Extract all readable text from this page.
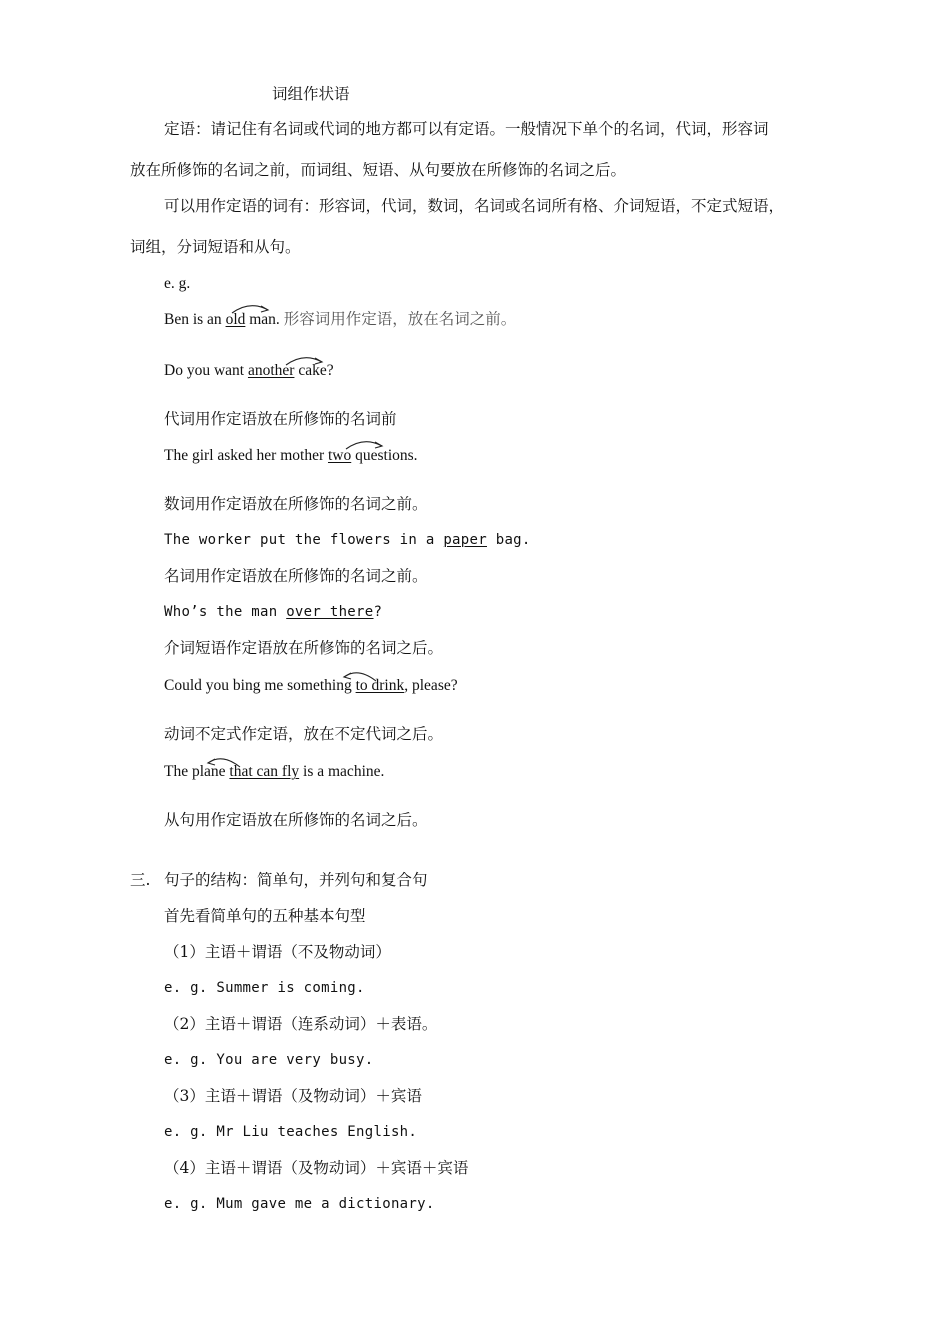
词组作状语
定语：请记住有名词或代词的地方都可以有定语。一般情况下单个的名词，代词，形容词
放在所修饰的名词之前，而词组、短语、从句要放在所修饰的名词之后。
可以用作定语的词有：形容词，代词，数词，名词或名词所有格、介词短语，不定式短语，
词组，分词短语和从句。
e. g.
Ben is an old man. 形容词用作定语，放在名词之前。
Do you want another cake?
代词用作定语放在所修饰的名词前
The girl asked her mother two questions.
数词用作定语放在所修饰的名词之前。
The worker put the flowers in a paper bag.
名词用作定语放在所修饰的名词之前。
Who’s the man over there?
介词短语作定语放在所修饰的名词之后。
Could you bing me something to drink, please?
动词不定式作定语，放在不定代词之后。
The plane that can fly is a machine.
从句用作定语放在所修饰的名词之后。
三. 句子的结构：简单句，并列句和复合句
首先看简单句的五种基本句型
（1）主语＋谓语（不及物动词）
e. g. Summer is coming.
（2）主语＋谓语（连系动词）＋表语。
e. g. You are very busy.
（3）主语＋谓语（及物动词）＋宾语
e. g. Mr Liu teaches English.
（4）主语＋谓语（及物动词）＋宾语＋宾语
e. g. Mum gave me a dictionary.
